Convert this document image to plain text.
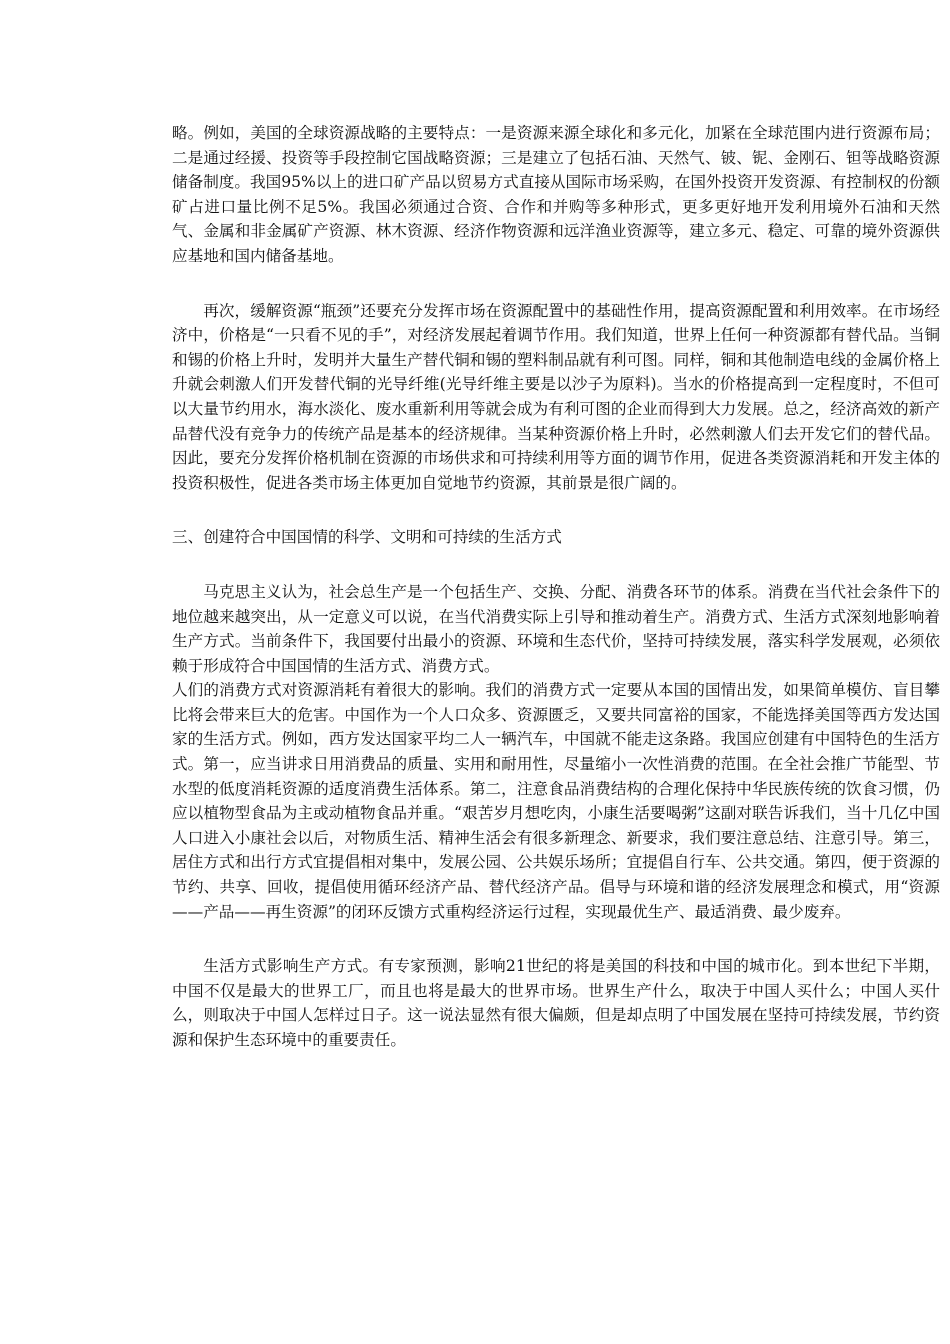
略。例如，美国的全球资源战略的主要特点：一是资源来源全球化和多元化，加紧在全球范围内进行资源布局；二是通过经援、投资等手段控制它国战略资源；三是建立了包括石油、天然气、铍、铌、金刚石、钽等战略资源储备制度。我国95%以上的进口矿产品以贸易方式直接从国际市场采购，在国外投资开发资源、有控制权的份额矿占进口量比例不足5%。我国必须通过合资、合作和并购等多种形式，更多更好地开发利用境外石油和天然气、金属和非金属矿产资源、林木资源、经济作物资源和远洋渔业资源等，建立多元、稳定、可靠的境外资源供应基地和国内储备基地。

再次，缓解资源“瓶颈”还要充分发挥市场在资源配置中的基础性作用，提高资源配置和利用效率。在市场经济中，价格是“一只看不见的手”，对经济发展起着调节作用。我们知道，世界上任何一种资源都有替代品。当铜和锡的价格上升时，发明并大量生产替代铜和锡的塑料制品就有利可图。同样，铜和其他制造电线的金属价格上升就会刺激人们开发替代铜的光导纤维(光导纤维主要是以沙子为原料)。当水的价格提高到一定程度时，不但可以大量节约用水，海水淡化、废水重新利用等就会成为有利可图的企业而得到大力发展。总之，经济高效的新产品替代没有竞争力的传统产品是基本的经济规律。当某种资源价格上升时，必然刺激人们去开发它们的替代品。因此，要充分发挥价格机制在资源的市场供求和可持续利用等方面的调节作用，促进各类资源消耗和开发主体的投资积极性，促进各类市场主体更加自觉地节约资源，其前景是很广阔的。

三、创建符合中国国情的科学、文明和可持续的生活方式

马克思主义认为，社会总生产是一个包括生产、交换、分配、消费各环节的体系。消费在当代社会条件下的地位越来越突出，从一定意义可以说，在当代消费实际上引导和推动着生产。消费方式、生活方式深刻地影响着生产方式。当前条件下，我国要付出最小的资源、环境和生态代价，坚持可持续发展，落实科学发展观，必须依赖于形成符合中国国情的生活方式、消费方式。

人们的消费方式对资源消耗有着很大的影响。我们的消费方式一定要从本国的国情出发，如果简单模仿、盲目攀比将会带来巨大的危害。中国作为一个人口众多、资源匮乏，又要共同富裕的国家，不能选择美国等西方发达国家的生活方式。例如，西方发达国家平均二人一辆汽车，中国就不能走这条路。我国应创建有中国特色的生活方式。第一，应当讲求日用消费品的质量、实用和耐用性，尽量缩小一次性消费的范围。在全社会推广节能型、节水型的低度消耗资源的适度消费生活体系。第二，注意食品消费结构的合理化保持中华民族传统的饮食习惯，仍应以植物型食品为主或动植物食品并重。“艰苦岁月想吃肉，小康生活要喝粥”这副对联告诉我们，当十几亿中国人口进入小康社会以后，对物质生活、精神生活会有很多新理念、新要求，我们要注意总结、注意引导。第三，居住方式和出行方式宜提倡相对集中，发展公园、公共娱乐场所；宜提倡自行车、公共交通。第四，便于资源的节约、共享、回收，提倡使用循环经济产品、替代经济产品。倡导与环境和谐的经济发展理念和模式，用“资源——产品——再生资源”的闭环反馈方式重构经济运行过程，实现最优生产、最适消费、最少废弃。

生活方式影响生产方式。有专家预测，影响21世纪的将是美国的科技和中国的城市化。到本世纪下半期，中国不仅是最大的世界工厂，而且也将是最大的世界市场。世界生产什么，取决于中国人买什么；中国人买什么，则取决于中国人怎样过日子。这一说法显然有很大偏颇，但是却点明了中国发展在坚持可持续发展，节约资源和保护生态环境中的重要责任。
